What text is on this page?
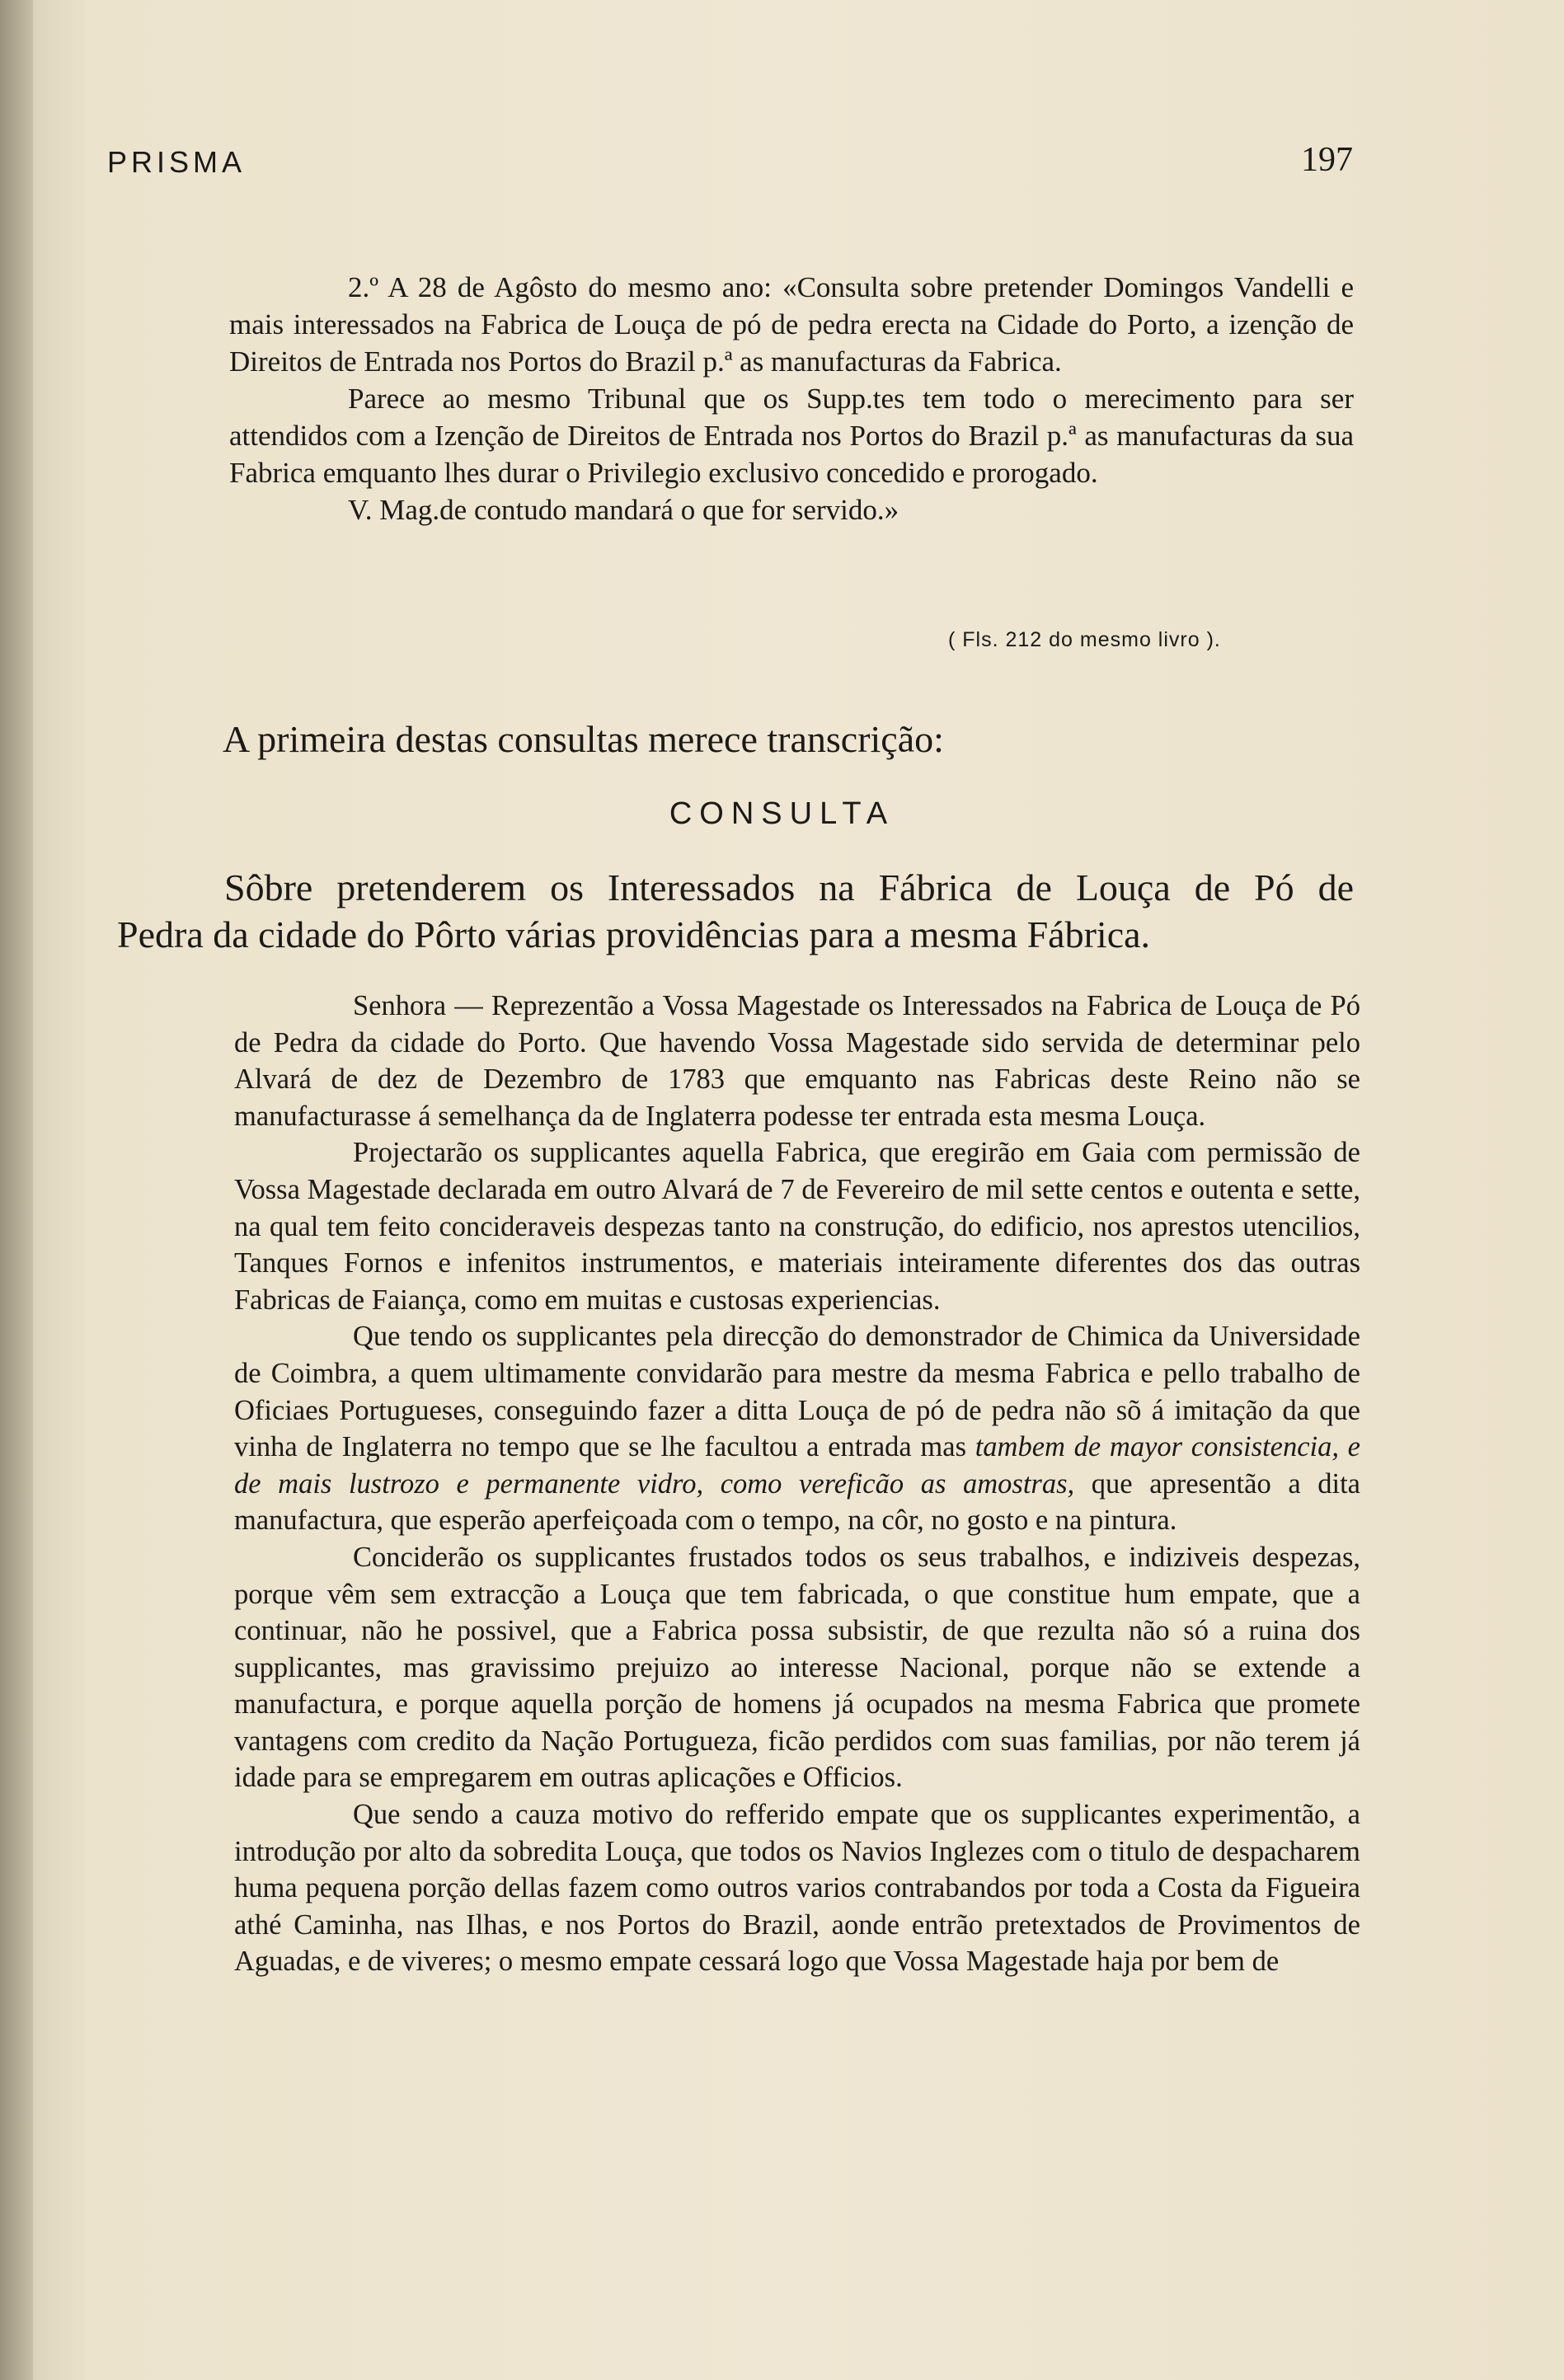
PRISMA	197

2.º A 28 de Agôsto do mesmo ano: «Consulta sobre pretender Domingos Vandelli e mais interessados na Fabrica de Louça de pó de pedra erecta na Cidade do Porto, a izenção de Direitos de Entrada nos Portos do Brazil p.ª as manufacturas da Fabrica.

Parece ao mesmo Tribunal que os Supp.tes tem todo o merecimento para ser attendidos com a Izenção de Direitos de Entrada nos Portos do Brazil p.ª as manufacturas da sua Fabrica emquanto lhes durar o Privilegio exclusivo concedido e prorogado.

V. Mag.de contudo mandará o que for servido.»

( Fls. 212 do mesmo livro ).
A primeira destas consultas merece transcrição:
CONSULTA
Sôbre pretenderem os Interessados na Fábrica de Louça de Pó de
Pedra da cidade do Pôrto várias providências para a mesma Fábrica.

Senhora — Reprezentão a Vossa Magestade os Interessados na Fabrica de Louça de Pó de Pedra da cidade do Porto. Que havendo Vossa Magestade sido servida de determinar pelo Alvará de dez de Dezembro de 1783 que emquanto nas Fabricas deste Reino não se manufacturasse á semelhança da de Inglaterra podesse ter entrada esta mesma Louça.

Projectarão os supplicantes aquella Fabrica, que eregirão em Gaia com permissão de Vossa Magestade declarada em outro Alvará de 7 de Fevereiro de mil sette centos e outenta e sette, na qual tem feito concideraveis despezas tanto na construção, do edificio, nos aprestos utencilios, Tanques Fornos e infenitos instrumentos, e materiais inteiramente diferentes dos das outras Fabricas de Faiança, como em muitas e custosas experiencias.

Que tendo os supplicantes pela direcção do demonstrador de Chimica da Universidade de Coimbra, a quem ultimamente convidarão para mestre da mesma Fabrica e pello trabalho de Oficiaes Portugueses, conseguindo fazer a ditta Louça de pó de pedra não sõ á imitação da que vinha de Inglaterra no tempo que se lhe facultou a entrada mas tambem de mayor consistencia, e de mais lustrozo e permanente vidro, como vereficão as amostras, que apresentão a dita manufactura, que esperão aperfeiçoada com o tempo, na côr, no gosto e na pintura.

Conciderão os supplicantes frustados todos os seus trabalhos, e indiziveis despezas, porque vêm sem extracção a Louça que tem fabricada, o que constitue hum empate, que a continuar, não he possivel, que a Fabrica possa subsistir, de que rezulta não só a ruina dos supplicantes, mas gravissimo prejuizo ao interesse Nacional, porque não se extende a manufactura, e porque aquella porção de homens já ocupados na mesma Fabrica que promete vantagens com credito da Nação Portugueza, ficão perdidos com suas familias, por não terem já idade para se empregarem em outras aplicações e Officios.

Que sendo a cauza motivo do refferido empate que os supplicantes experimentão, a introdução por alto da sobredita Louça, que todos os Navios Inglezes com o titulo de despacharem huma pequena porção dellas fazem como outros varios contrabandos por toda a Costa da Figueira athé Caminha, nas Ilhas, e nos Portos do Brazil, aonde entrão pretextados de Provimentos de Aguadas, e de viveres; o mesmo empate cessará logo que Vossa Magestade haja por bem de
